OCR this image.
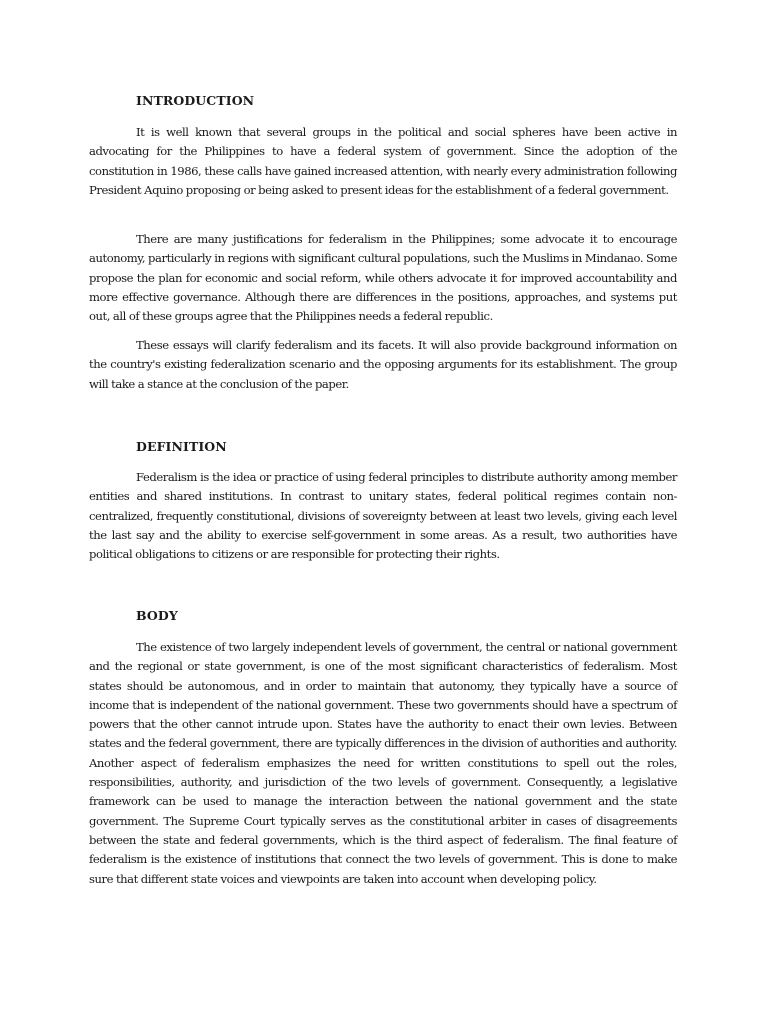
INTRODUCTION

It is well known that several groups in the political and social spheres have been active in advocating for the Philippines to have a federal system of government. Since the adoption of the constitution in 1986, these calls have gained increased attention, with nearly every administration following President Aquino proposing or being asked to present ideas for the establishment of a federal government.

There are many justifications for federalism in the Philippines; some advocate it to encourage autonomy, particularly in regions with significant cultural populations, such the Muslims in Mindanao. Some propose the plan for economic and social reform, while others advocate it for improved accountability and more effective governance. Although there are differences in the positions, approaches, and systems put out, all of these groups agree that the Philippines needs a federal republic.

These essays will clarify federalism and its facets. It will also provide background information on the country's existing federalization scenario and the opposing arguments for its establishment. The group will take a stance at the conclusion of the paper.

DEFINITION

Federalism is the idea or practice of using federal principles to distribute authority among member entities and shared institutions. In contrast to unitary states, federal political regimes contain non-centralized, frequently constitutional, divisions of sovereignty between at least two levels, giving each level the last say and the ability to exercise self-government in some areas. As a result, two authorities have political obligations to citizens or are responsible for protecting their rights.

BODY

The existence of two largely independent levels of government, the central or national government and the regional or state government, is one of the most significant characteristics of federalism. Most states should be autonomous, and in order to maintain that autonomy, they typically have a source of income that is independent of the national government. These two governments should have a spectrum of powers that the other cannot intrude upon. States have the authority to enact their own levies. Between states and the federal government, there are typically differences in the division of authorities and authority. Another aspect of federalism emphasizes the need for written constitutions to spell out the roles, responsibilities, authority, and jurisdiction of the two levels of government. Consequently, a legislative framework can be used to manage the interaction between the national government and the state government. The Supreme Court typically serves as the constitutional arbiter in cases of disagreements between the state and federal governments, which is the third aspect of federalism. The final feature of federalism is the existence of institutions that connect the two levels of government. This is done to make sure that different state voices and viewpoints are taken into account when developing policy.
